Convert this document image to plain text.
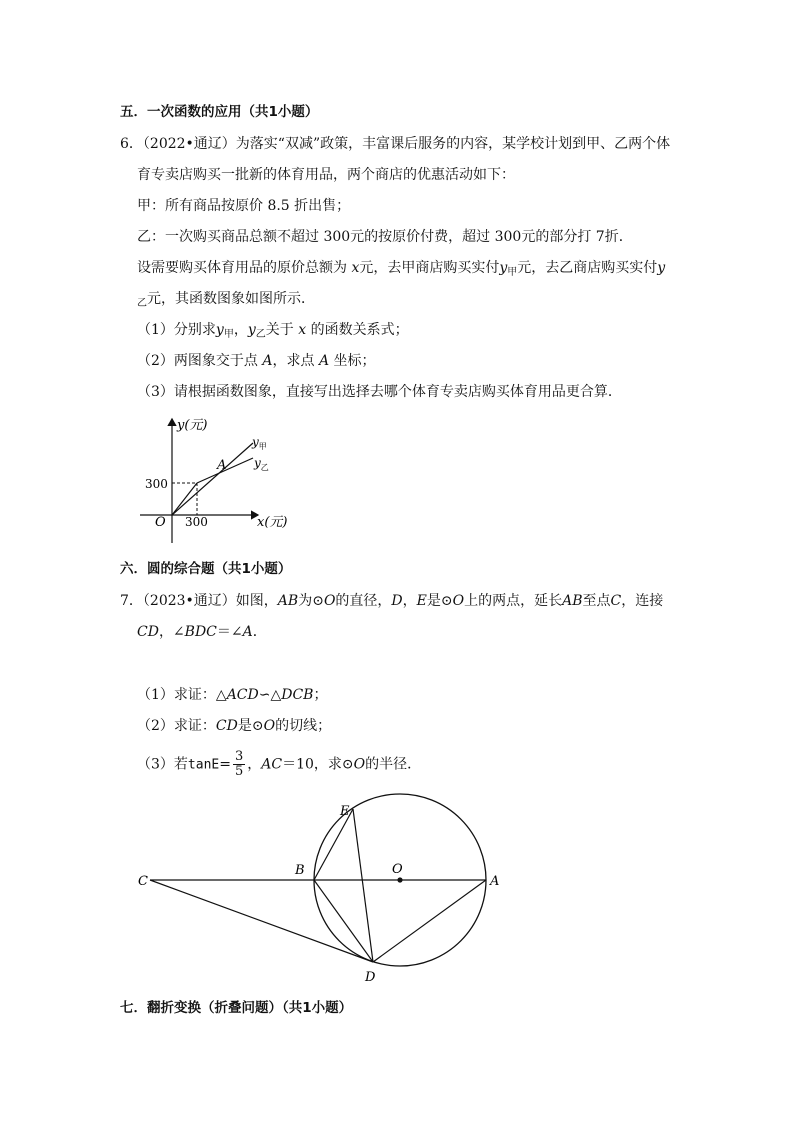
五．一次函数的应用（共1小题）
6．（2022•通辽）为落实“双减”政策，丰富课后服务的内容，某学校计划到甲、乙两个体
育专卖店购买一批新的体育用品，两个商店的优惠活动如下：
甲：所有商品按原价 8.5 折出售；
乙：一次购买商品总额不超过 300元的按原价付费，超过 300元的部分打 7折．
设需要购买体育用品的原价总额为 x元，去甲商店购买实付$y_甲$元，去乙商店购买实付y
$_乙$元，其函数图象如图所示．
（1）分别求$y_甲$，$y_乙$关于 x 的函数关系式；
（2）两图象交于点 A，求点 A 坐标；
（3）请根据函数图象，直接写出选择去哪个体育专卖店购买体育用品更合算．
y(元)
x(元)
O
300
300
A
$y_甲$
$y_乙$
六．圆的综合题（共1小题）
7．（2023•通辽）如图，AB为⊙O的直径，D，E是⊙O上的两点，延长AB至点C，连接
CD，∠BDC＝∠A．
（1）求证：△ACD∽△DCB；
（2）求证：CD是⊙O的切线；
（3）若$\tan E= \frac{3}{5}$ ，AC＝10，求⊙O的半径．
C
B	O
A
E
D
七．翻折变换（折叠问题）（共1小题）
